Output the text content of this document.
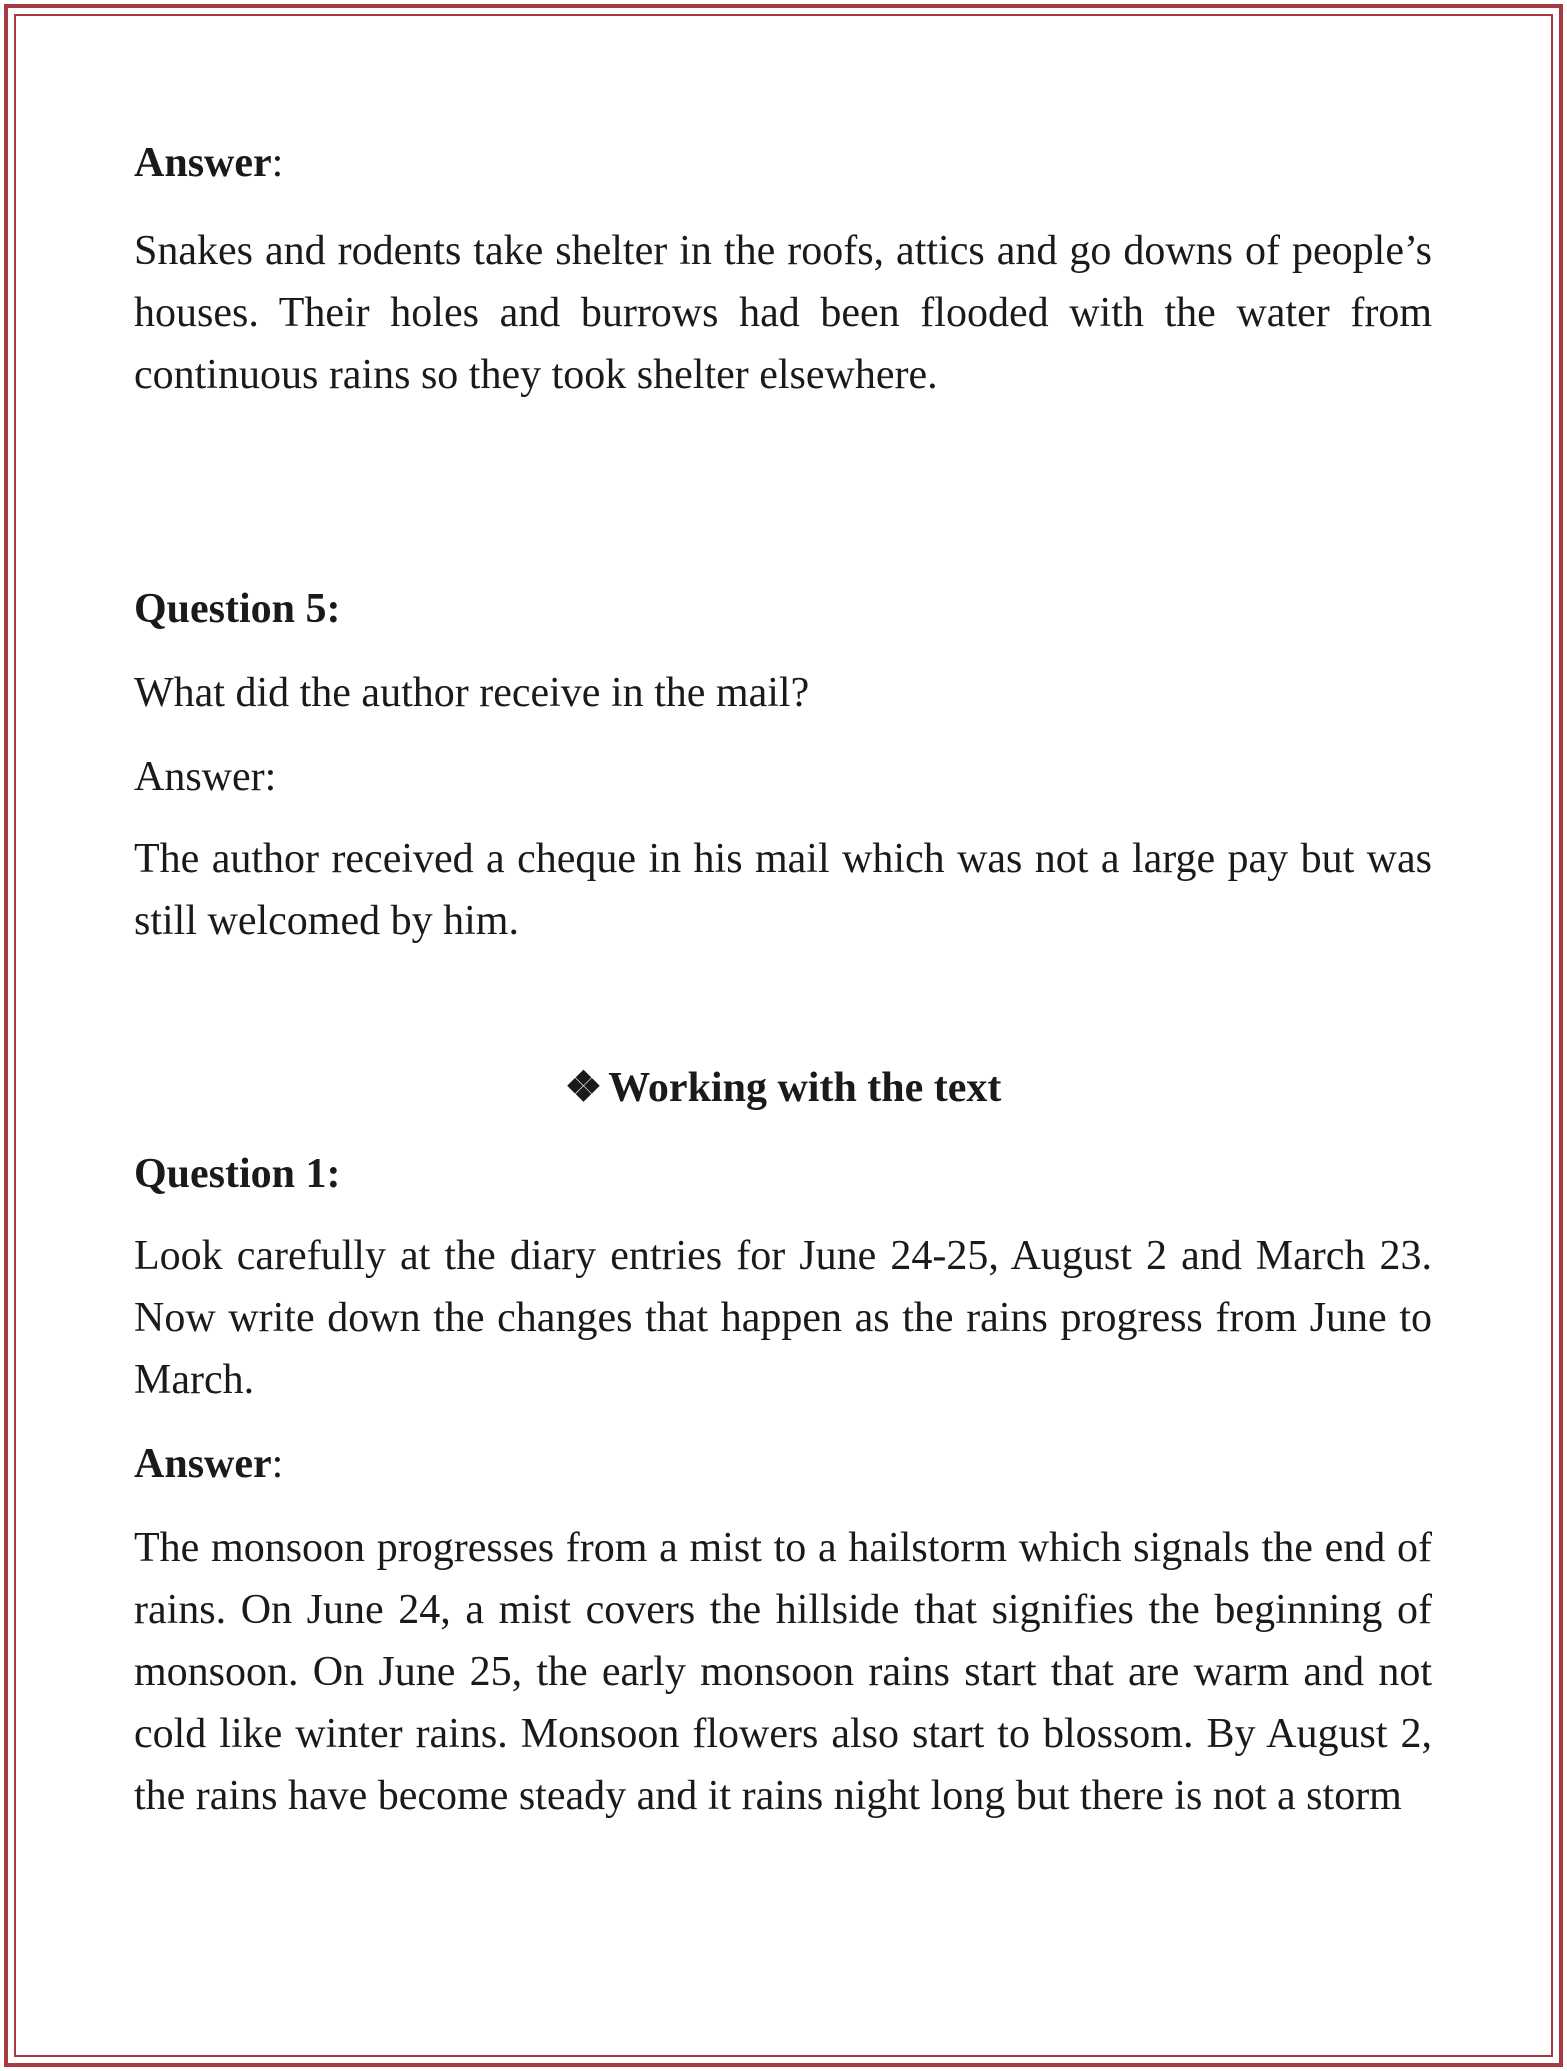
Answer:

Snakes and rodents take shelter in the roofs, attics and go downs of people’s houses. Their holes and burrows had been flooded with the water from continuous rains so they took shelter elsewhere.

Question 5:

What did the author receive in the mail?

Answer:

The author received a cheque in his mail which was not a large pay but was still welcomed by him.

❖ Working with the text

Question 1:

Look carefully at the diary entries for June 24-25, August 2 and March 23. Now write down the changes that happen as the rains progress from June to March.

Answer:

The monsoon progresses from a mist to a hailstorm which signals the end of rains. On June 24, a mist covers the hillside that signifies the beginning of monsoon. On June 25, the early monsoon rains start that are warm and not cold like winter rains. Monsoon flowers also start to blossom. By August 2, the rains have become steady and it rains night long but there is not a storm
